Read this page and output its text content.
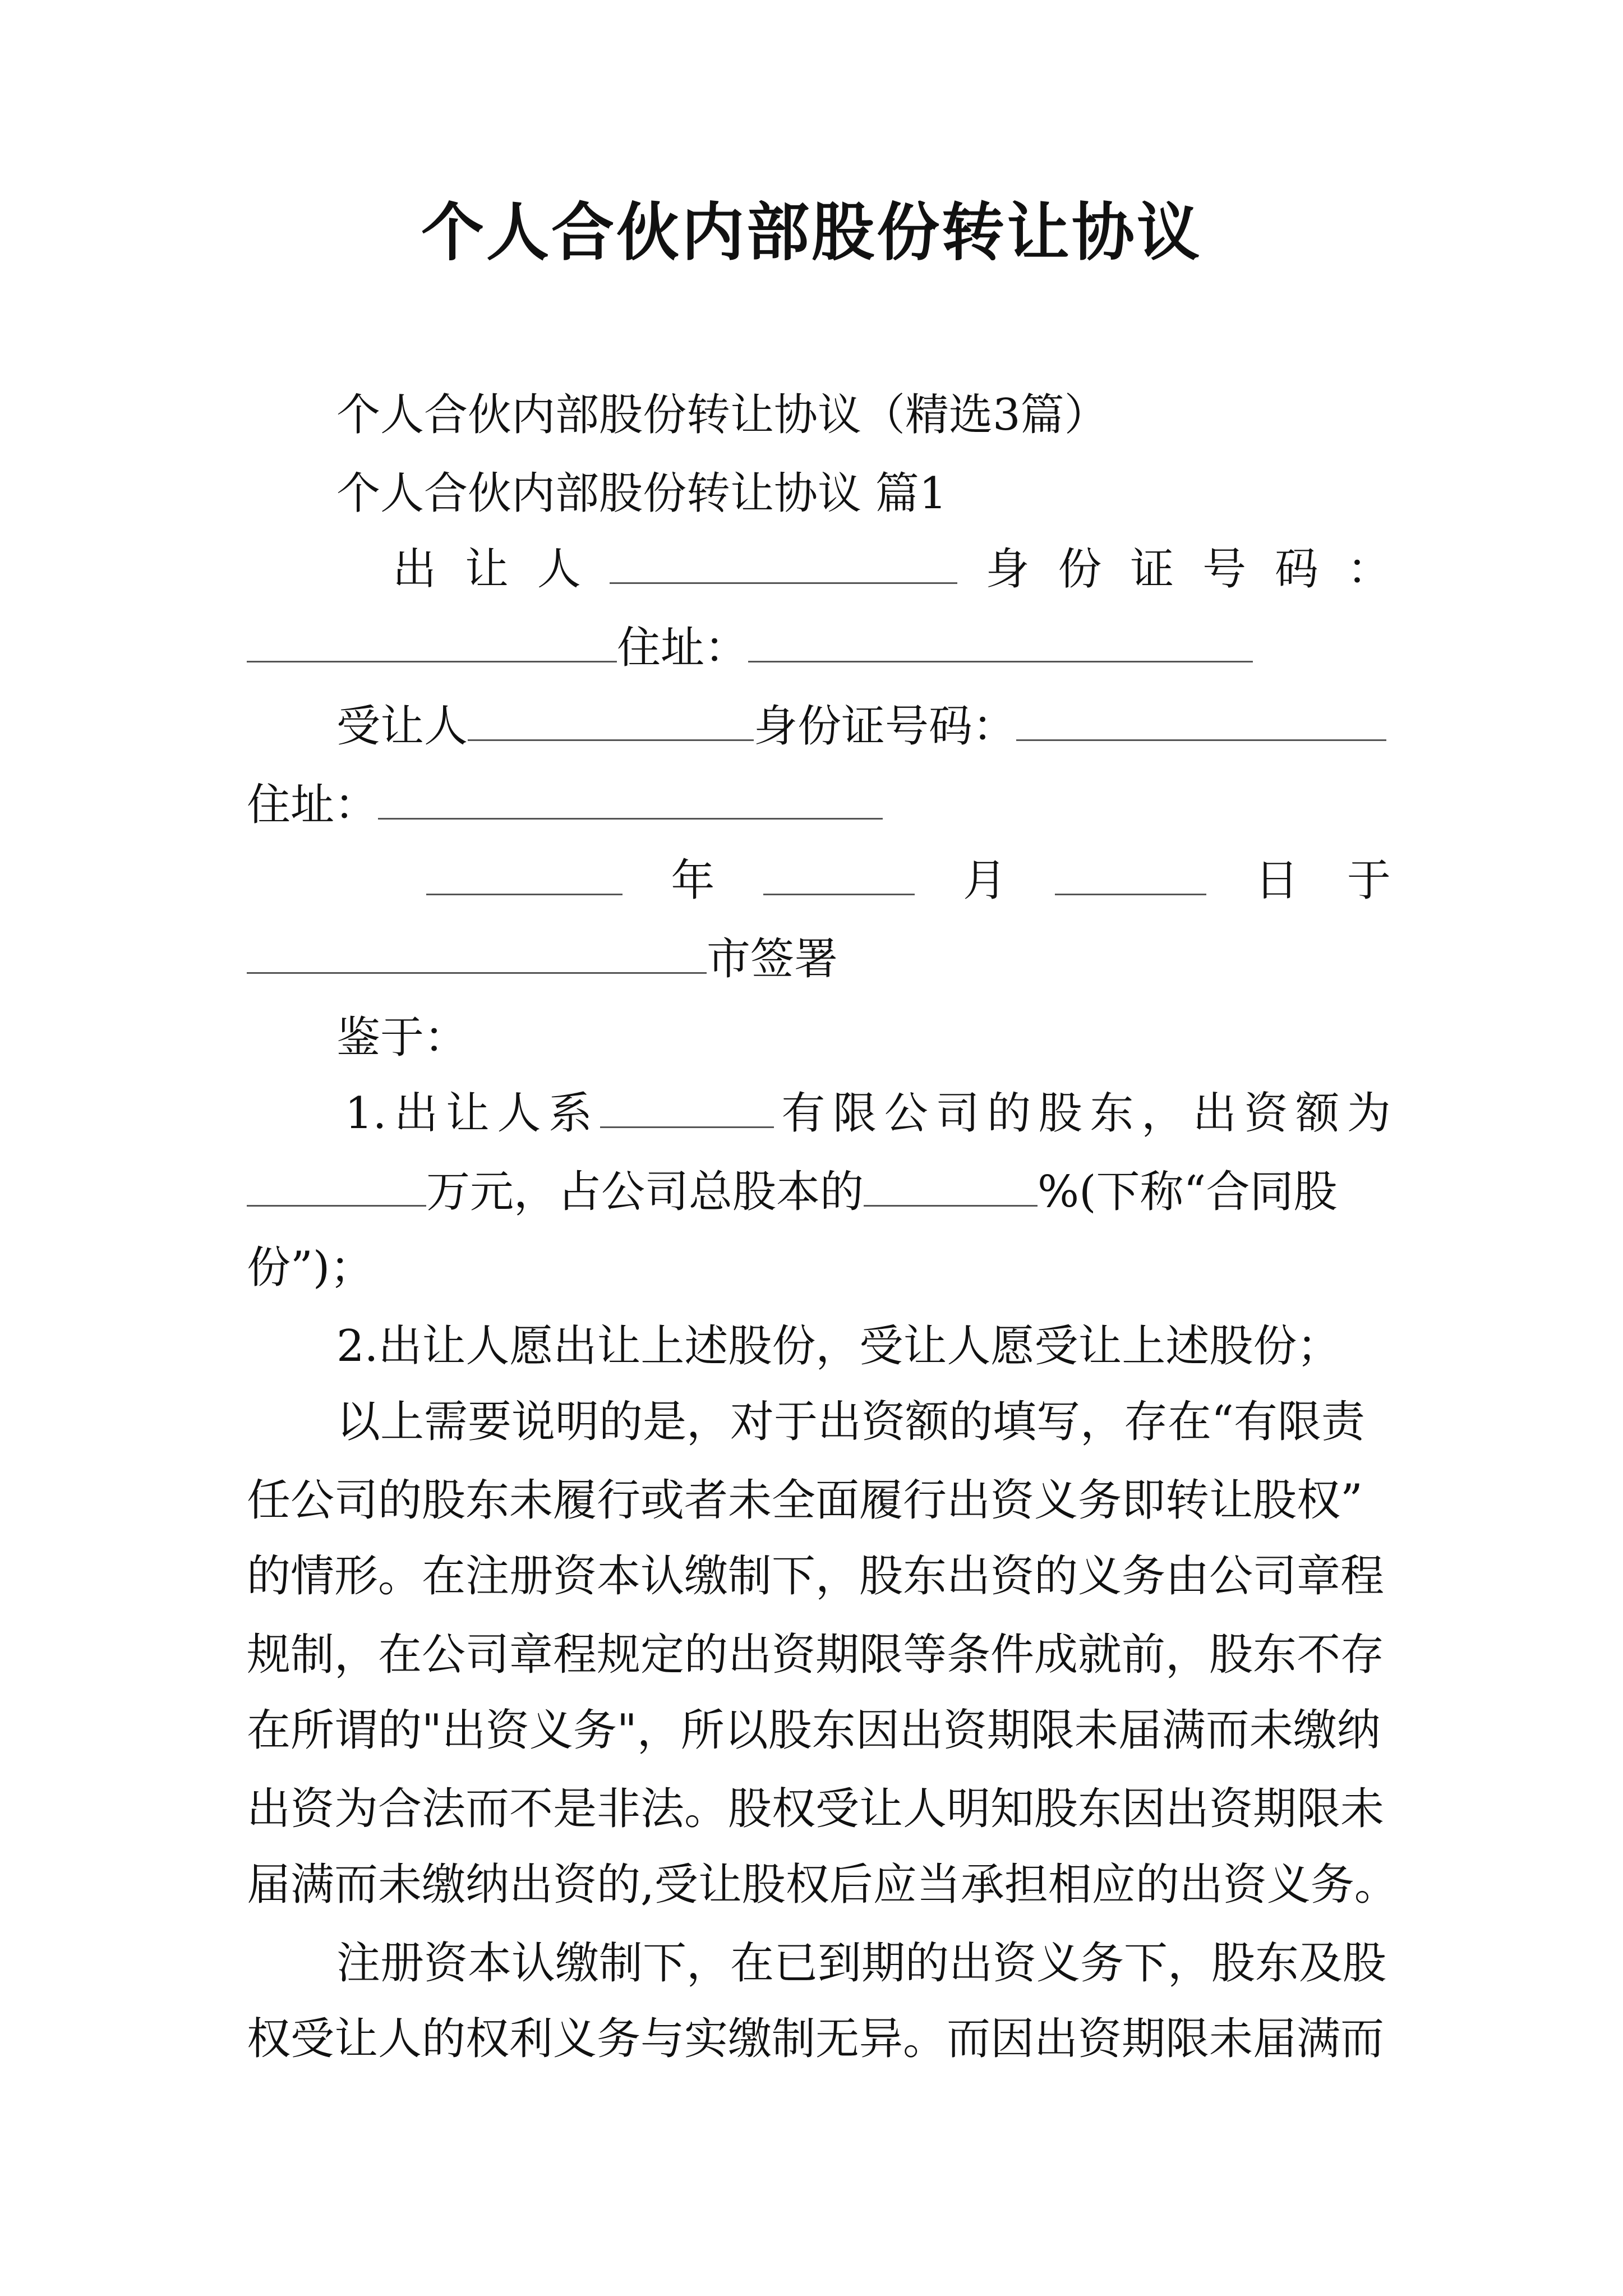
个人合伙内部股份转让协议
个人合伙内部股份转让协议（精选3篇）
个人合伙内部股份转让协议 篇1
出 让 人	身 份 证 号 码 ：
住址：
受让人	身份证号码：
住址：
年	月	日 于
市签署
鉴于：
1. 出 让 人 系	有 限 公 司 的 股 东 ， 出 资 额 为
万元，占公司总股本的	%(下称“合同股
份”)；
2.出让人愿出让上述股份，受让人愿受让上述股份；
以上需要说明的是，对于出资额的填写，存在“有限责
任公司的股东未履行或者未全面履行出资义务即转让股权”
的情形。在注册资本认缴制下，股东出资的义务由公司章程
规制，在公司章程规定的出资期限等条件成就前，股东不存
在所谓的"出资义务"，所以股东因出资期限未届满而未缴纳
出资为合法而不是非法。股权受让人明知股东因出资期限未
届满而未缴纳出资的,受让股权后应当承担相应的出资义务。
注册资本认缴制下，在已到期的出资义务下，股东及股
权受让人的权利义务与实缴制无异。而因出资期限未届满而
